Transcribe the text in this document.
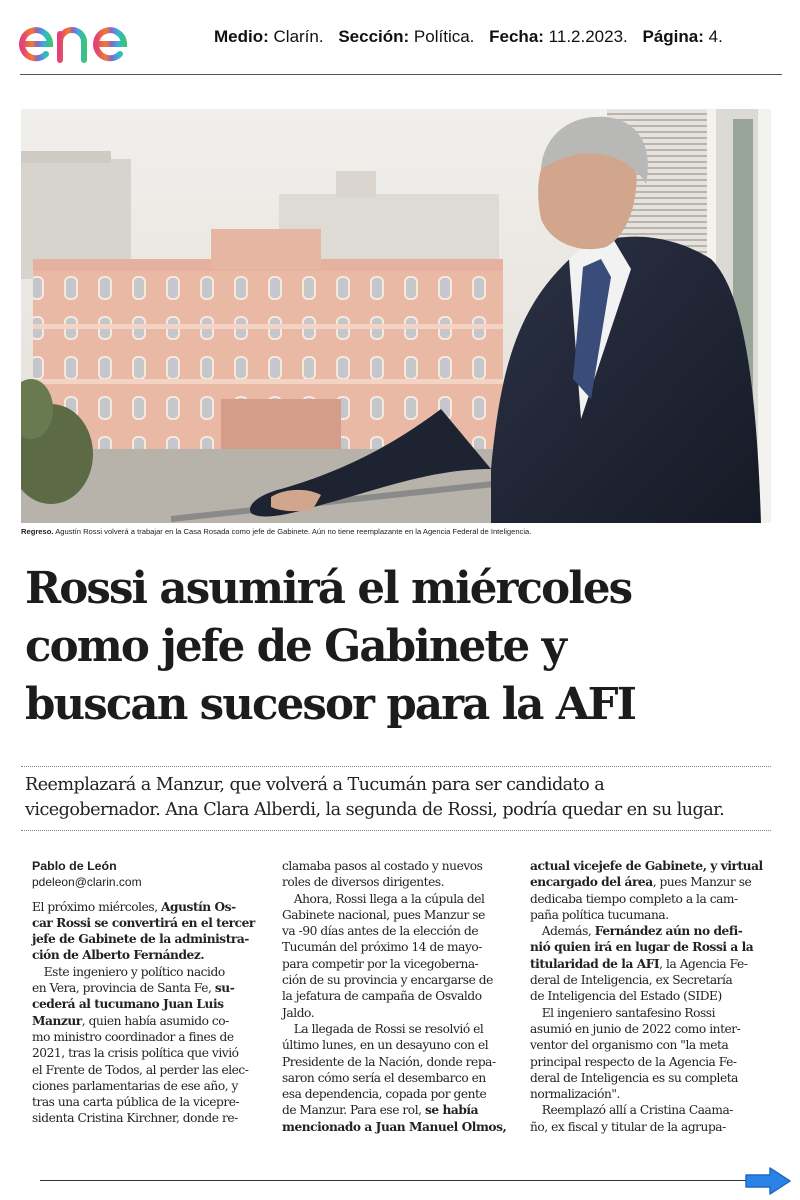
Medio: Clarín. Sección: Política. Fecha: 11.2.2023. Página: 4.
Regreso. Agustín Rossi volverá a trabajar en la Casa Rosada como jefe de Gabinete. Aún no tiene reemplazante en la Agencia Federal de Inteligencia.
Rossi asumirá el miércoles
como jefe de Gabinete y
buscan sucesor para la AFI
Reemplazará a Manzur, que volverá a Tucumán para ser candidato a
vicegobernador. Ana Clara Alberdi, la segunda de Rossi, podría quedar en su lugar.
Pablo de León
pdeleon@clarin.com
El próximo miércoles, Agustín Os-
car Rossi se convertirá en el tercer
jefe de Gabinete de la administra-
ción de Alberto Fernández.
 Este ingeniero y político nacido
en Vera, provincia de Santa Fe, su-
cederá al tucumano Juan Luis
Manzur, quien había asumido co-
mo ministro coordinador a fines de
2021, tras la crisis política que vivió
el Frente de Todos, al perder las elec-
ciones parlamentarias de ese año, y
tras una carta pública de la vicepre-
sidenta Cristina Kirchner, donde re-
clamaba pasos al costado y nuevos
roles de diversos dirigentes.
 Ahora, Rossi llega a la cúpula del
Gabinete nacional, pues Manzur se
va -90 días antes de la elección de
Tucumán del próximo 14 de mayo-
para competir por la vicegoberna-
ción de su provincia y encargarse de
la jefatura de campaña de Osvaldo
Jaldo.
 La llegada de Rossi se resolvió el
último lunes, en un desayuno con el
Presidente de la Nación, donde repa-
saron cómo sería el desembarco en
esa dependencia, copada por gente
de Manzur. Para ese rol, se había
mencionado a Juan Manuel Olmos,
actual vicejefe de Gabinete, y virtual
encargado del área, pues Manzur se
dedicaba tiempo completo a la cam-
paña política tucumana.
 Además, Fernández aún no defi-
nió quien irá en lugar de Rossi a la
titularidad de la AFI, la Agencia Fe-
deral de Inteligencia, ex Secretaría
de Inteligencia del Estado (SIDE)
 El ingeniero santafesino Rossi
asumió en junio de 2022 como inter-
ventor del organismo con "la meta
principal respecto de la Agencia Fe-
deral de Inteligencia es su completa
normalización".
 Reemplazó allí a Cristina Caama-
ño, ex fiscal y titular de la agrupa-
